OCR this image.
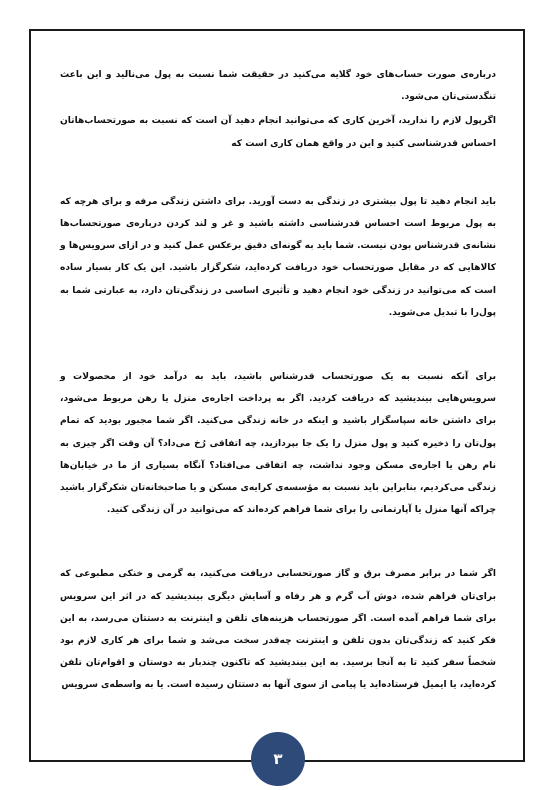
درباره‌ی صورت حساب‌های خود گلایه می‌کنید در حقیقت شما نسبت به پول می‌نالید و این باعث تنگدستی‌تان می‌شود.

اگرپول لازم را ندارید، آخرین کاری که می‌توانید انجام دهید آن است که نسبت به صورتحساب‌هاتان احساس قدرشناسی کنید و این در واقع همان کاری است که

باید انجام دهید تا پول بیشتری در زندگی به دست آورید. برای داشتن زندگی مرفه و برای هرچه که به پول مربوط است احساس قدرشناسی داشته باشید و غر و لند کردن درباره‌ی صورتحساب‌ها نشانه‌ی قدرشناس بودن نیست. شما باید به گونه‌ای دقیق برعکس عمل کنید و در ازای سرویس‌ها و کالاهایی که در مقابل صورتحساب خود دریافت کرده‌اید، شکرگزار باشید. این یک کار بسیار ساده است که می‌توانید در زندگی خود انجام دهید و تأثیری اساسی در زندگی‌تان دارد، به عبارتی شما به پول‌را با تبدیل می‌شوید.

برای آنکه نسبت به یک صورتحساب قدرشناس باشید، باید به درآمد خود از محصولات و سرویس‌هایی بیندیشید که دریافت کردید. اگر به پرداخت اجاره‌ی منزل یا رهن مربوط می‌شود، برای داشتن خانه سپاسگزار باشید و اینکه در خانه زندگی می‌کنید. اگر شما مجبور بودید که تمام پول‌تان را ذخیره کنید و پول منزل را یک جا بپردازید، چه اتفاقی رُخ می‌داد؟ آن وقت اگر چیزی به نام رهن یا اجاره‌ی مسکن وجود نداشت، چه اتفاقی می‌افتاد؟ آنگاه بسیاری از ما در خیابان‌ها زندگی می‌کردیم، بنابراین باید نسبت به مؤسسه‌ی کرایه‌ی مسکن و یا صاحبخانه‌تان شکرگزار باشید چراکه آنها منزل یا آپارتمانی را برای شما فراهم کرده‌اند که می‌توانید در آن زندگی کنید.

اگر شما در برابر مصرف برق و گاز صورتحسابی دریافت می‌کنید، به گرمی و خنکی مطبوعی که برای‌تان فراهم شده، دوش آب گرم و هر رفاه و آسایش دیگری بیندیشید که در اثر این سرویس برای شما فراهم آمده است. اگر صورتحساب هزینه‌های تلفن و اینترنت به دستتان می‌رسد، به این فکر کنید که زندگی‌تان بدون تلفن و اینترنت چه‌قدر سخت می‌شد و شما برای هر کاری لازم بود شخصاً سفر کنید تا به آنجا برسید. به این بیندیشید که تاکنون چندبار به دوستان و اقوام‌تان تلفن کرده‌اید، یا ایمیل فرستاده‌اید یا پیامی از سوی آنها به دستتان رسیده است. یا به واسطه‌ی سرویس

۳
